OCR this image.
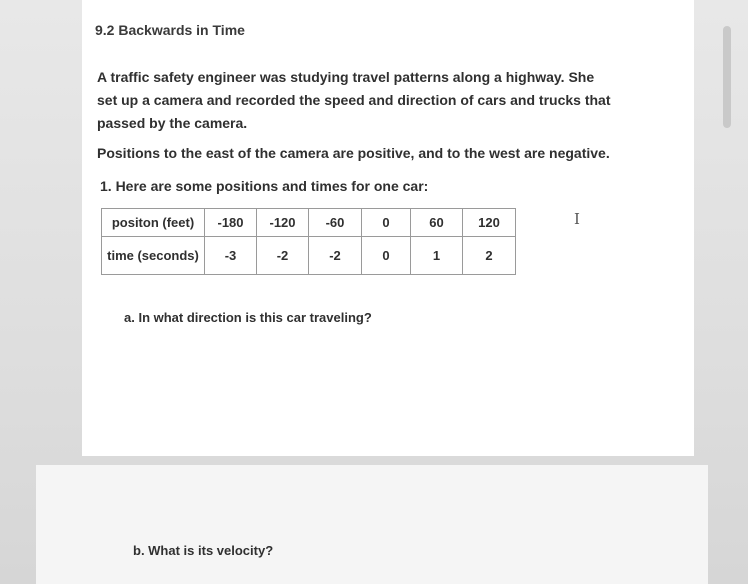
9.2 Backwards in Time
A traffic safety engineer was studying travel patterns along a highway. She set up a camera and recorded the speed and direction of cars and trucks that passed by the camera.
Positions to the east of the camera are positive, and to the west are negative.
1. Here are some positions and times for one car:
positon (feet)	-180	-120	-60	0	60	120
time (seconds)	-3	-2	-2	0	1	2
I
a. In what direction is this car traveling?
b. What is its velocity?
